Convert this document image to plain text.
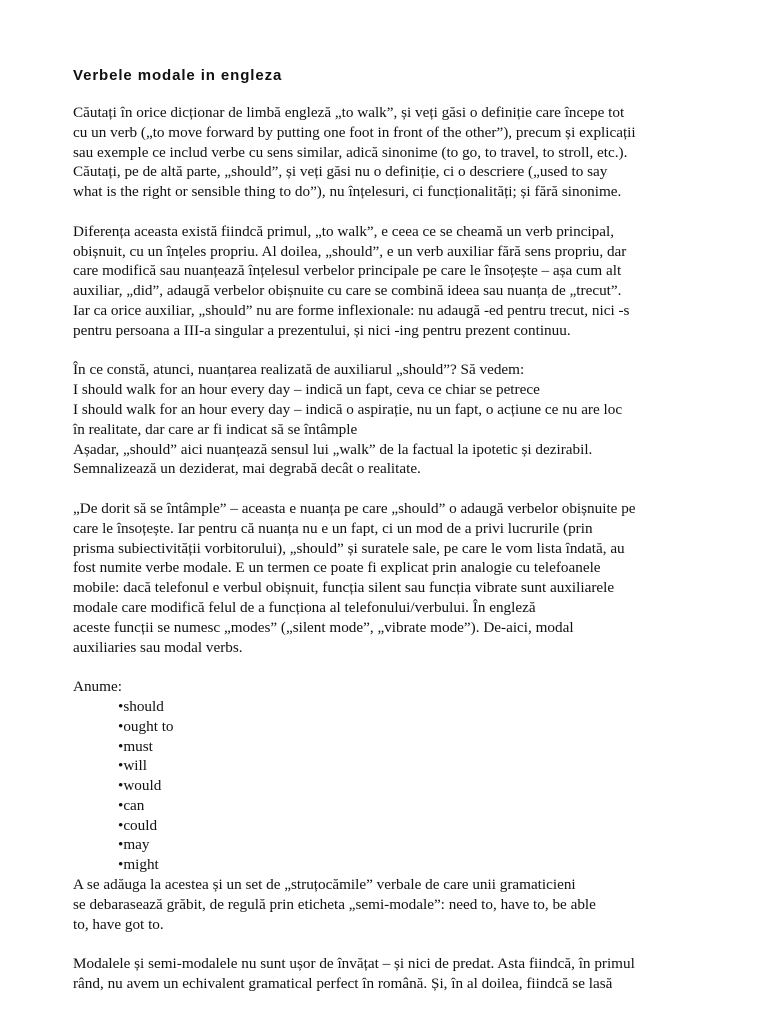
Verbele modale in engleza
Căutați în orice dicționar de limbă engleză „to walk”, și veți găsi o definiție care începe tot
cu un verb („to move forward by putting one foot in front of the other”), precum și explicații
sau exemple ce includ verbe cu sens similar, adică sinonime (to go, to travel, to stroll, etc.).
Căutați, pe de altă parte, „should”, și veți găsi nu o definiție, ci o descriere („used to say
what is the right or sensible thing to do”), nu înțelesuri, ci funcționalități; și fără sinonime.
Diferența aceasta există fiindcă primul, „to walk”, e ceea ce se cheamă un verb principal,
obișnuit, cu un înțeles propriu. Al doilea, „should”, e un verb auxiliar fără sens propriu, dar
care modifică sau nuanțează înțelesul verbelor principale pe care le însoțește – așa cum alt
auxiliar, „did”, adaugă verbelor obișnuite cu care se combină ideea sau nuanța de „trecut”.
Iar ca orice auxiliar, „should” nu are forme inflexionale: nu adaugă -ed pentru trecut, nici -s
pentru persoana a III-a singular a prezentului, și nici -ing pentru prezent continuu.
În ce constă, atunci, nuanțarea realizată de auxiliarul „should”? Să vedem:
I should walk for an hour every day – indică un fapt, ceva ce chiar se petrece
I should walk for an hour every day – indică o aspirație, nu un fapt, o acțiune ce nu are loc
în realitate, dar care ar fi indicat să se întâmple
Așadar, „should” aici nuanțează sensul lui „walk” de la factual la ipotetic și dezirabil.
Semnalizează un deziderat, mai degrabă decât o realitate.
„De dorit să se întâmple” – aceasta e nuanța pe care „should” o adaugă verbelor obișnuite pe
care le însoțește. Iar pentru că nuanța nu e un fapt, ci un mod de a privi lucrurile (prin
prisma subiectivității vorbitorului), „should” și suratele sale, pe care le vom lista îndată, au
fost numite verbe modale. E un termen ce poate fi explicat prin analogie cu telefoanele
mobile: dacă telefonul e verbul obișnuit, funcția silent sau funcția vibrate sunt auxiliarele
modale care modifică felul de a funcționa al telefonului/verbului. În engleză
aceste funcții se numesc „modes” („silent mode”, „vibrate mode”). De-aici, modal
auxiliaries sau modal verbs.
Anume:
•should
•ought to
•must
•will
•would
•can
•could
•may
•might
A se adăuga la acestea și un set de „struțocămile” verbale de care unii gramaticieni
se debarasează grăbit, de regulă prin eticheta „semi-modale”: need to, have to, be able
to, have got to.
Modalele și semi-modalele nu sunt ușor de învățat – și nici de predat. Asta fiindcă, în primul
rând, nu avem un echivalent gramatical perfect în română. Și, în al doilea, fiindcă se lasă
